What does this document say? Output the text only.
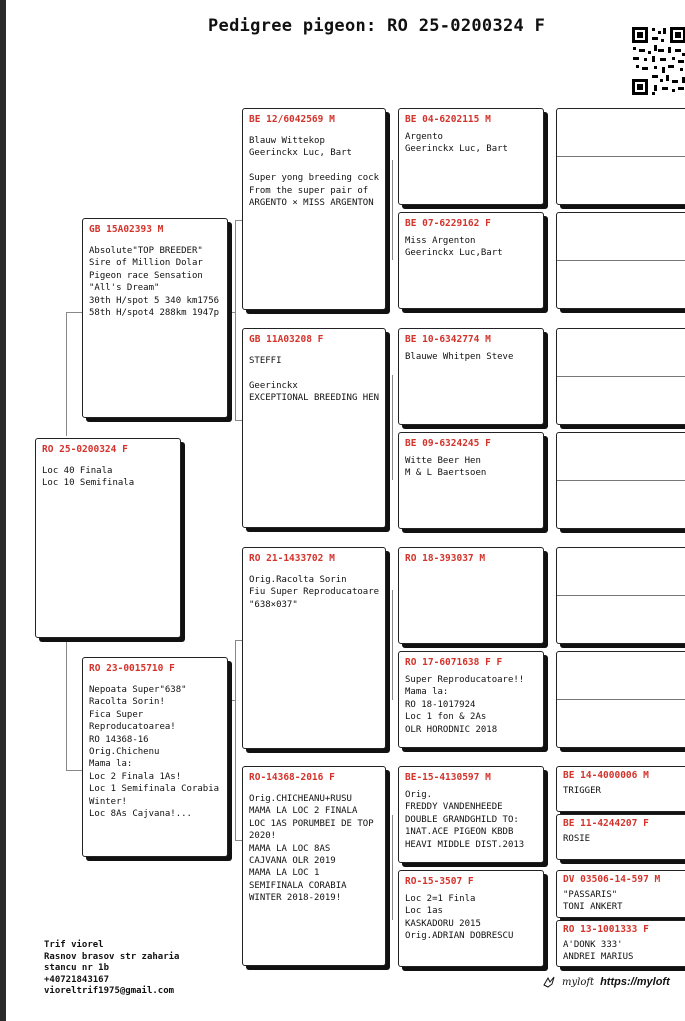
Pedigree pigeon: RO 25-0200324 F
RO 25-0200324 F
Loc 40 Finala
Loc 10 Semifinala
GB 15A02393 M
Absolute"TOP BREEDER"
Sire of Million Dolar
Pigeon race Sensation
"All's Dream"
30th H/spot 5 340 km1756
58th H/spot4 288km 1947p
RO 23-0015710 F
Nepoata Super"638"
Racolta Sorin!
Fica Super
Reproducatoarea!
RO 14368-16
Orig.Chichenu
Mama la:
Loc 2 Finala 1As!
Loc 1 Semifinala Corabia
Winter!
Loc 8As Cajvana!...
BE 12/6042569 M
Blauw Wittekop
Geerinckx Luc, Bart

Super yong breeding cock
From the super pair of
ARGENTO × MISS ARGENTON
GB 11A03208 F
STEFFI

Geerinckx
EXCEPTIONAL BREEDING HEN
RO 21-1433702 M
Orig.Racolta Sorin
Fiu Super Reproducatoare
"638×037"
RO-14368-2016 F
Orig.CHICHEANU+RUSU
MAMA LA LOC 2 FINALA
LOC 1AS PORUMBEI DE TOP
2020!
MAMA LA LOC 8AS
CAJVANA OLR 2019
MAMA LA LOC 1
SEMIFINALA CORABIA
WINTER 2018-2019!
BE 04-6202115 M
Argento
Geerinckx Luc, Bart
BE 07-6229162 F
Miss Argenton
Geerinckx Luc,Bart
BE 10-6342774 M
Blauwe Whitpen Steve
BE 09-6324245 F
Witte Beer Hen
M & L Baertsoen
RO 18-393037 M
RO 17-6071638 F F
Super Reproducatoare!!
Mama la:
RO 18-1017924
Loc 1 fon & 2As
OLR HORODNIC 2018
BE-15-4130597 M
Orig.
FREDDY VANDENHEEDE
DOUBLE GRANDGHILD TO:
1NAT.ACE PIGEON KBDB
HEAVI MIDDLE DIST.2013
RO-15-3507 F
Loc 2=1 Finla
Loc 1as
KASKADORU 2015
Orig.ADRIAN DOBRESCU
BE 14-4000006 M
TRIGGER
BE 11-4244207 F
ROSIE
DV 03506-14-597 M
"PASSARIS"
TONI ANKERT
RO 13-1001333 F
A'DONK 333'
ANDREI MARIUS
Trif viorel
Rasnov brasov str zaharia
stancu nr 1b
+40721843167
vioreltrif1975@gmail.com
myloft https://myloft
